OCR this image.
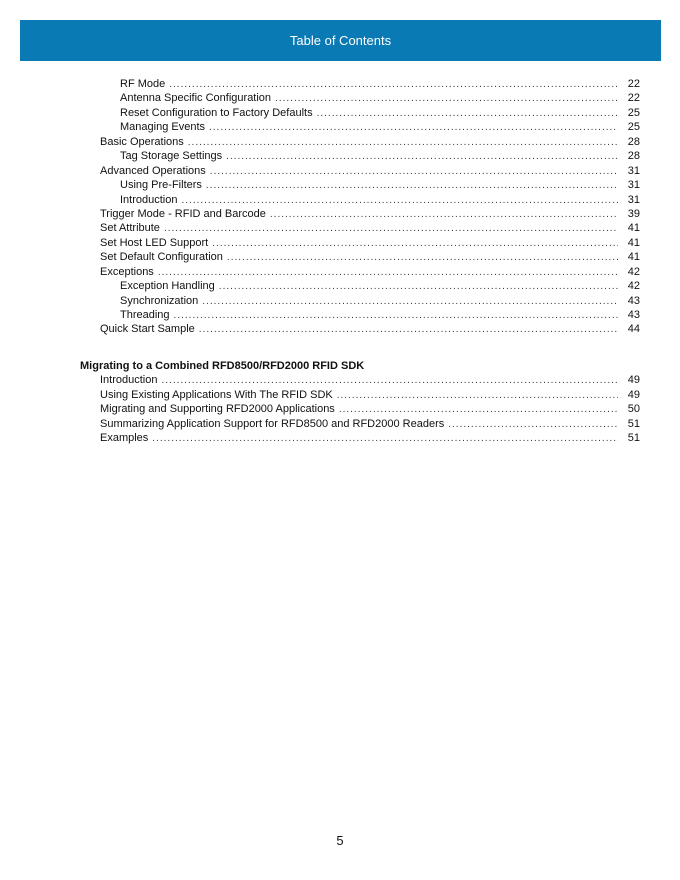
Table of Contents
RF Mode .....	22
Antenna Specific Configuration .....	22
Reset Configuration to Factory Defaults .....	25
Managing Events .....	25
Basic Operations .....	28
Tag Storage Settings .....	28
Advanced Operations .....	31
Using Pre-Filters .....	31
Introduction .....	31
Trigger Mode - RFID and Barcode .....	39
Set Attribute .....	41
Set Host LED Support .....	41
Set Default Configuration .....	41
Exceptions .....	42
Exception Handling .....	42
Synchronization .....	43
Threading .....	43
Quick Start Sample .....	44
Migrating to a Combined RFD8500/RFD2000 RFID SDK
Introduction .....	49
Using Existing Applications With The RFID SDK .....	49
Migrating and Supporting RFD2000 Applications .....	50
Summarizing Application Support for RFD8500 and RFD2000 Readers .....	51
Examples .....	51
5
